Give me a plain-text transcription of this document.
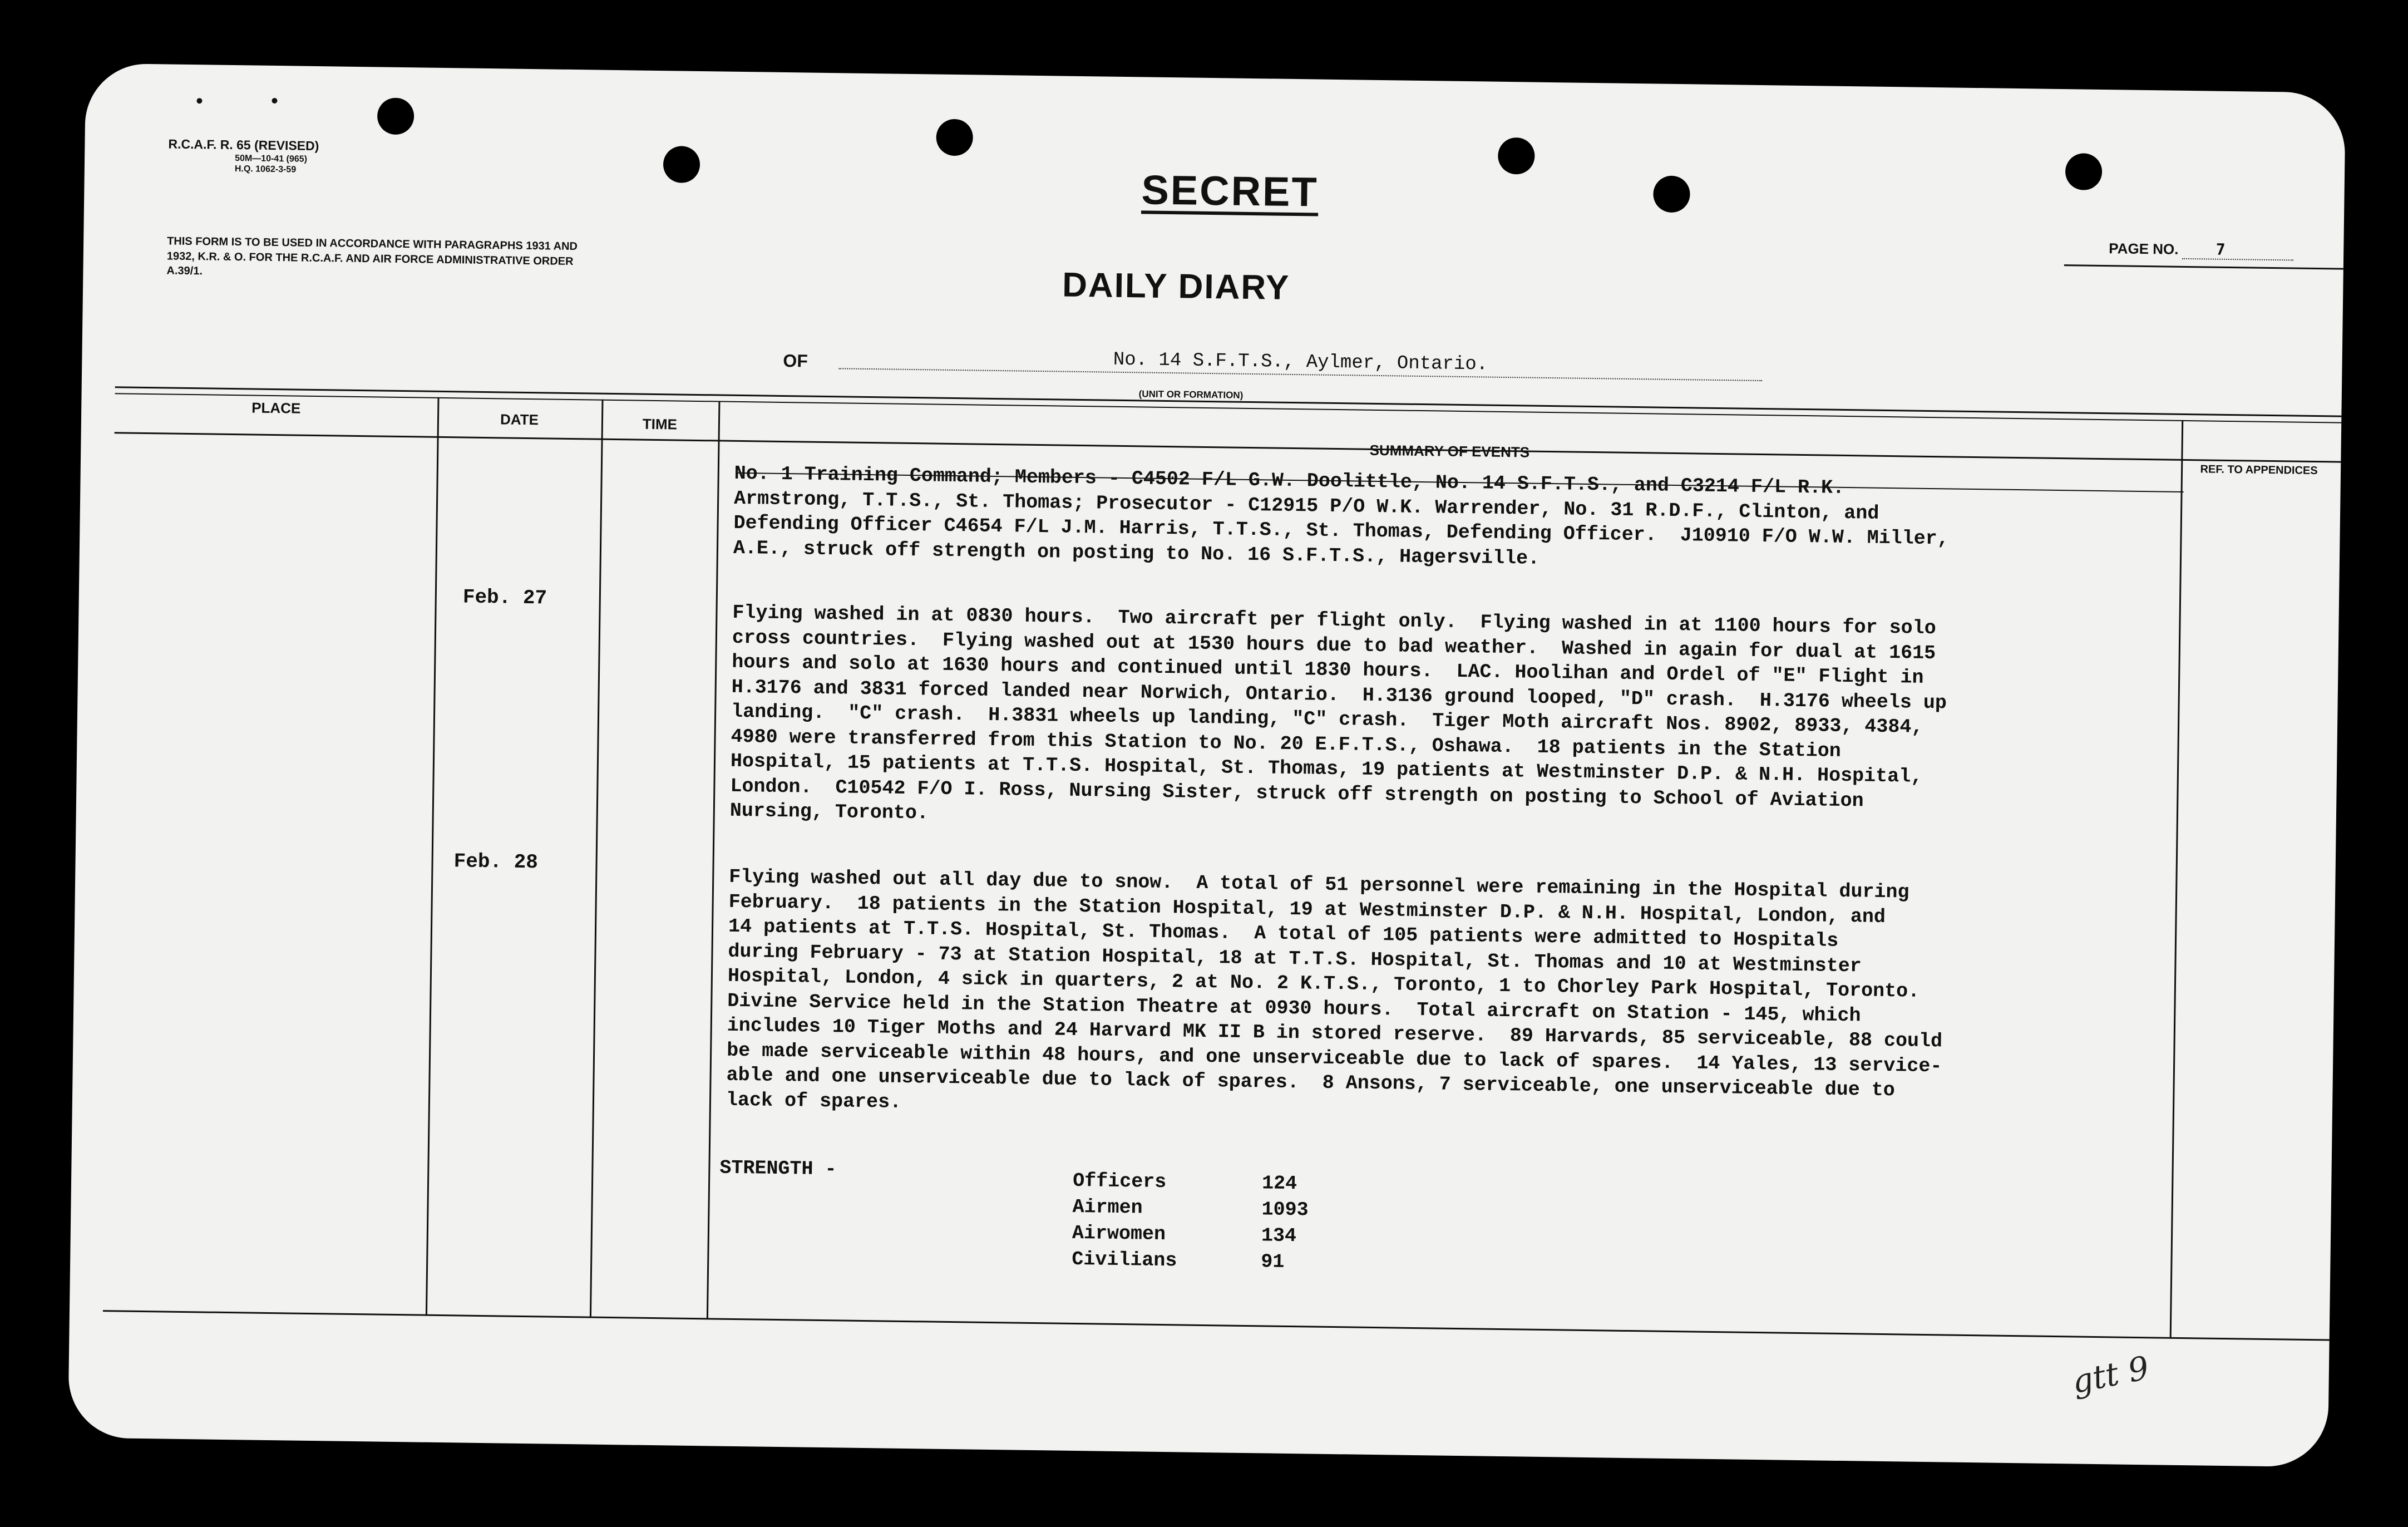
R.C.A.F. R. 65 (REVISED)
50M—10-41 (965)
H.Q. 1062-3-59
THIS FORM IS TO BE USED IN ACCORDANCE WITH PARAGRAPHS 1931 AND 1932, K.R. & O. FOR THE R.C.A.F. AND AIR FORCE ADMINISTRATIVE ORDER A.39/1.
SECRET
DAILY DIARY
PAGE NO. 7
OF	No. 14 S.F.T.S., Aylmer, Ontario.
(UNIT OR FORMATION)
PLACE
DATE	TIME
SUMMARY OF EVENTS
REF. TO APPENDICES
No. 1 Training Command; Members - C4502 F/L G.W. Doolittle, No. 14 S.F.T.S., and C3214 F/L R.K.
Armstrong, T.T.S., St. Thomas; Prosecutor - C12915 P/O W.K. Warrender, No. 31 R.D.F., Clinton, and
Defending Officer C4654 F/L J.M. Harris, T.T.S., St. Thomas, Defending Officer.  J10910 F/O W.W. Miller,
A.E., struck off strength on posting to No. 16 S.F.T.S., Hagersville.
Feb. 27
Flying washed in at 0830 hours.  Two aircraft per flight only.  Flying washed in at 1100 hours for solo
cross countries.  Flying washed out at 1530 hours due to bad weather.  Washed in again for dual at 1615
hours and solo at 1630 hours and continued until 1830 hours.  LAC. Hoolihan and Ordel of "E" Flight in
H.3176 and 3831 forced landed near Norwich, Ontario.  H.3136 ground looped, "D" crash.  H.3176 wheels up
landing.  "C" crash.  H.3831 wheels up landing, "C" crash.  Tiger Moth aircraft Nos. 8902, 8933, 4384,
4980 were transferred from this Station to No. 20 E.F.T.S., Oshawa.  18 patients in the Station
Hospital, 15 patients at T.T.S. Hospital, St. Thomas, 19 patients at Westminster D.P. & N.H. Hospital,
London.  C10542 F/O I. Ross, Nursing Sister, struck off strength on posting to School of Aviation
Nursing, Toronto.
Feb. 28
Flying washed out all day due to snow.  A total of 51 personnel were remaining in the Hospital during
February.  18 patients in the Station Hospital, 19 at Westminster D.P. & N.H. Hospital, London, and
14 patients at T.T.S. Hospital, St. Thomas.  A total of 105 patients were admitted to Hospitals
during February - 73 at Station Hospital, 18 at T.T.S. Hospital, St. Thomas and 10 at Westminster
Hospital, London, 4 sick in quarters, 2 at No. 2 K.T.S., Toronto, 1 to Chorley Park Hospital, Toronto.
Divine Service held in the Station Theatre at 0930 hours.  Total aircraft on Station - 145, which
includes 10 Tiger Moths and 24 Harvard MK II B in stored reserve.  89 Harvards, 85 serviceable, 88 could
be made serviceable within 48 hours, and one unserviceable due to lack of spares.  14 Yales, 13 service-
able and one unserviceable due to lack of spares.  8 Ansons, 7 serviceable, one unserviceable due to
lack of spares.
STRENGTH -
Officers	124
Airmen	1093
Airwomen	134
Civilians	91
gtt 9
